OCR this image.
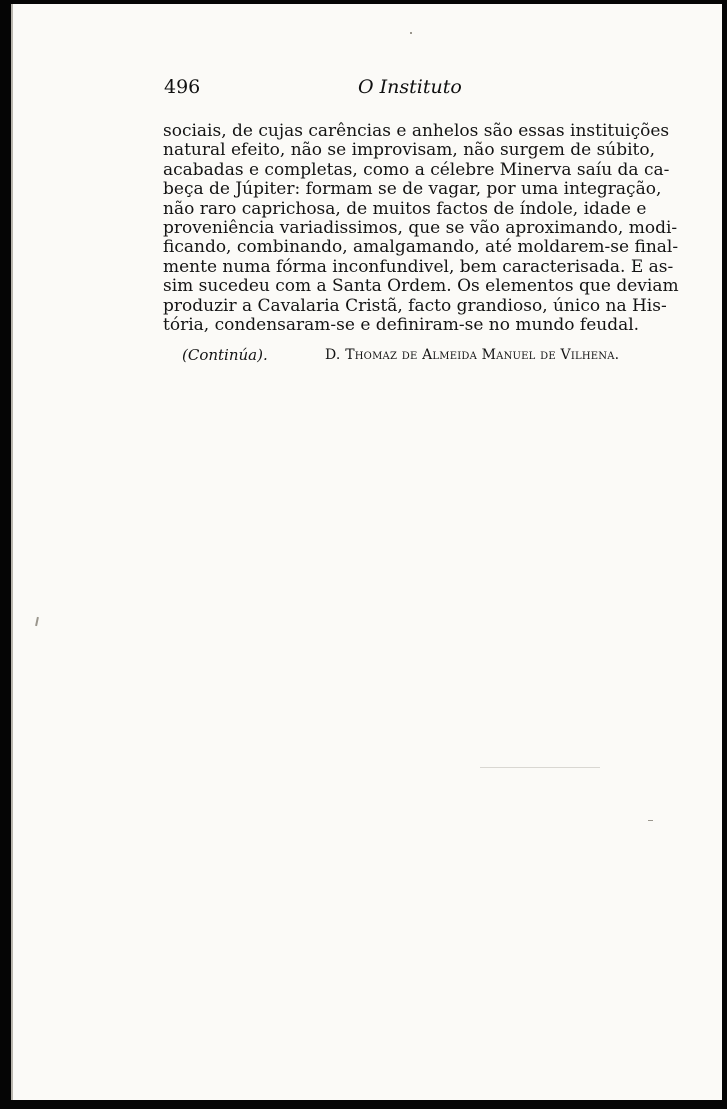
496	O Instituto
sociais, de cujas carências e anhelos são essas instituições
natural efeito, não se improvisam, não surgem de súbito,
acabadas e completas, como a célebre Minerva saíu da ca-
beça de Júpiter: formam se de vagar, por uma integração,
não raro caprichosa, de muitos factos de índole, idade e
proveniência variadissimos, que se vão aproximando, modi-
ficando, combinando, amalgamando, até moldarem-se final-
mente numa fórma inconfundivel, bem caracterisada. E as-
sim sucedeu com a Santa Ordem. Os elementos que deviam
produzir a Cavalaria Cristã, facto grandioso, único na His-
tória, condensaram-se e definiram-se no mundo feudal.
(Continúa).	D. Thomaz de Almeida Manuel de Vilhena.
